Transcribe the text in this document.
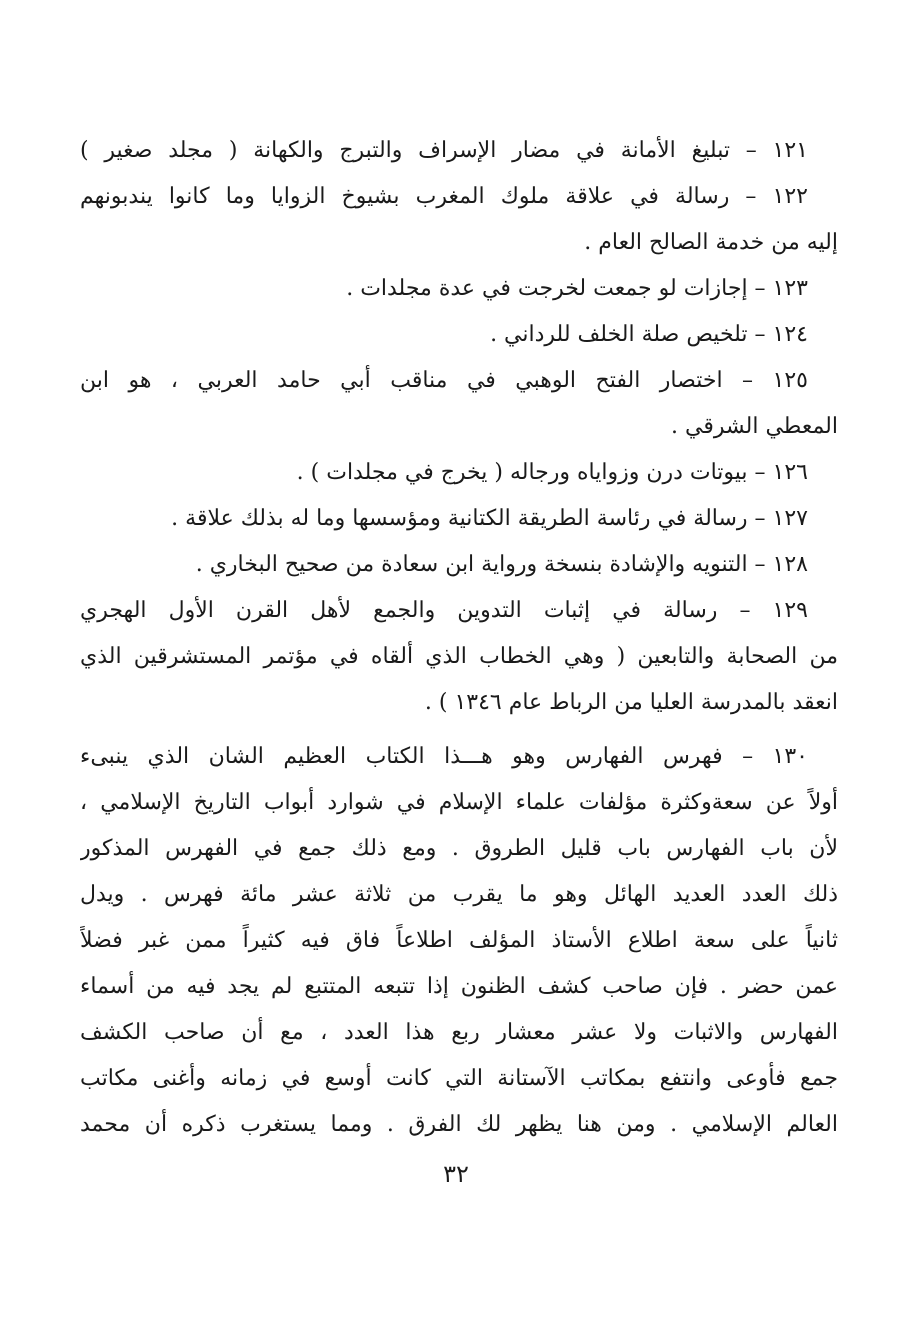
١٢١ – تبليغ الأمانة في مضار الإسراف والتبرج والكهانة ( مجلد صغير )
١٢٢ – رسالة في علاقة ملوك المغرب بشيوخ الزوايا وما كانوا يندبونهم
إليه من خدمة الصالح العام .
١٢٣ – إجازات لو جمعت لخرجت في عدة مجلدات .
١٢٤ – تلخيص صلة الخلف للرداني .
١٢٥ – اختصار الفتح الوهبي في مناقب أبي حامد العربي ، هو ابن
المعطي الشرقي .
١٢٦ – بيوتات درن وزواياه ورجاله ( يخرج في مجلدات ) .
١٢٧ – رسالة في رئاسة الطريقة الكتانية ومؤسسها وما له بذلك علاقة .
١٢٨ – التنويه والإشادة بنسخة ورواية ابن سعادة من صحيح البخاري .
١٢٩ – رسالة في إثبات التدوين والجمع لأهل القرن الأول الهجري
من الصحابة والتابعين ( وهي الخطاب الذي ألقاه في مؤتمر المستشرقين الذي
انعقد بالمدرسة العليا من الرباط عام ١٣٤٦ ) .
١٣٠ – فهرس الفهارس وهو هـــذا الكتاب العظيم الشان الذي ينبىء
أولاً عن سعةوكثرة مؤلفات علماء الإسلام في شوارد أبواب التاريخ الإسلامي ،
لأن باب الفهارس باب قليل الطروق . ومع ذلك جمع في الفهرس المذكور
ذلك العدد العديد الهائل وهو ما يقرب من ثلاثة عشر مائة فهرس . ويدل
ثانياً على سعة اطلاع الأستاذ المؤلف اطلاعاً فاق فيه كثيراً ممن غبر فضلاً
عمن حضر . فإن صاحب كشف الظنون إذا تتبعه المتتبع لم يجد فيه من أسماء
الفهارس والاثبات ولا عشر معشار ربع هذا العدد ، مع أن صاحب الكشف
جمع فأوعى وانتفع بمكاتب الآستانة التي كانت أوسع في زمانه وأغنى مكاتب
العالم الإسلامي . ومن هنا يظهر لك الفرق . ومما يستغرب ذكره أن محمد
٣٢
